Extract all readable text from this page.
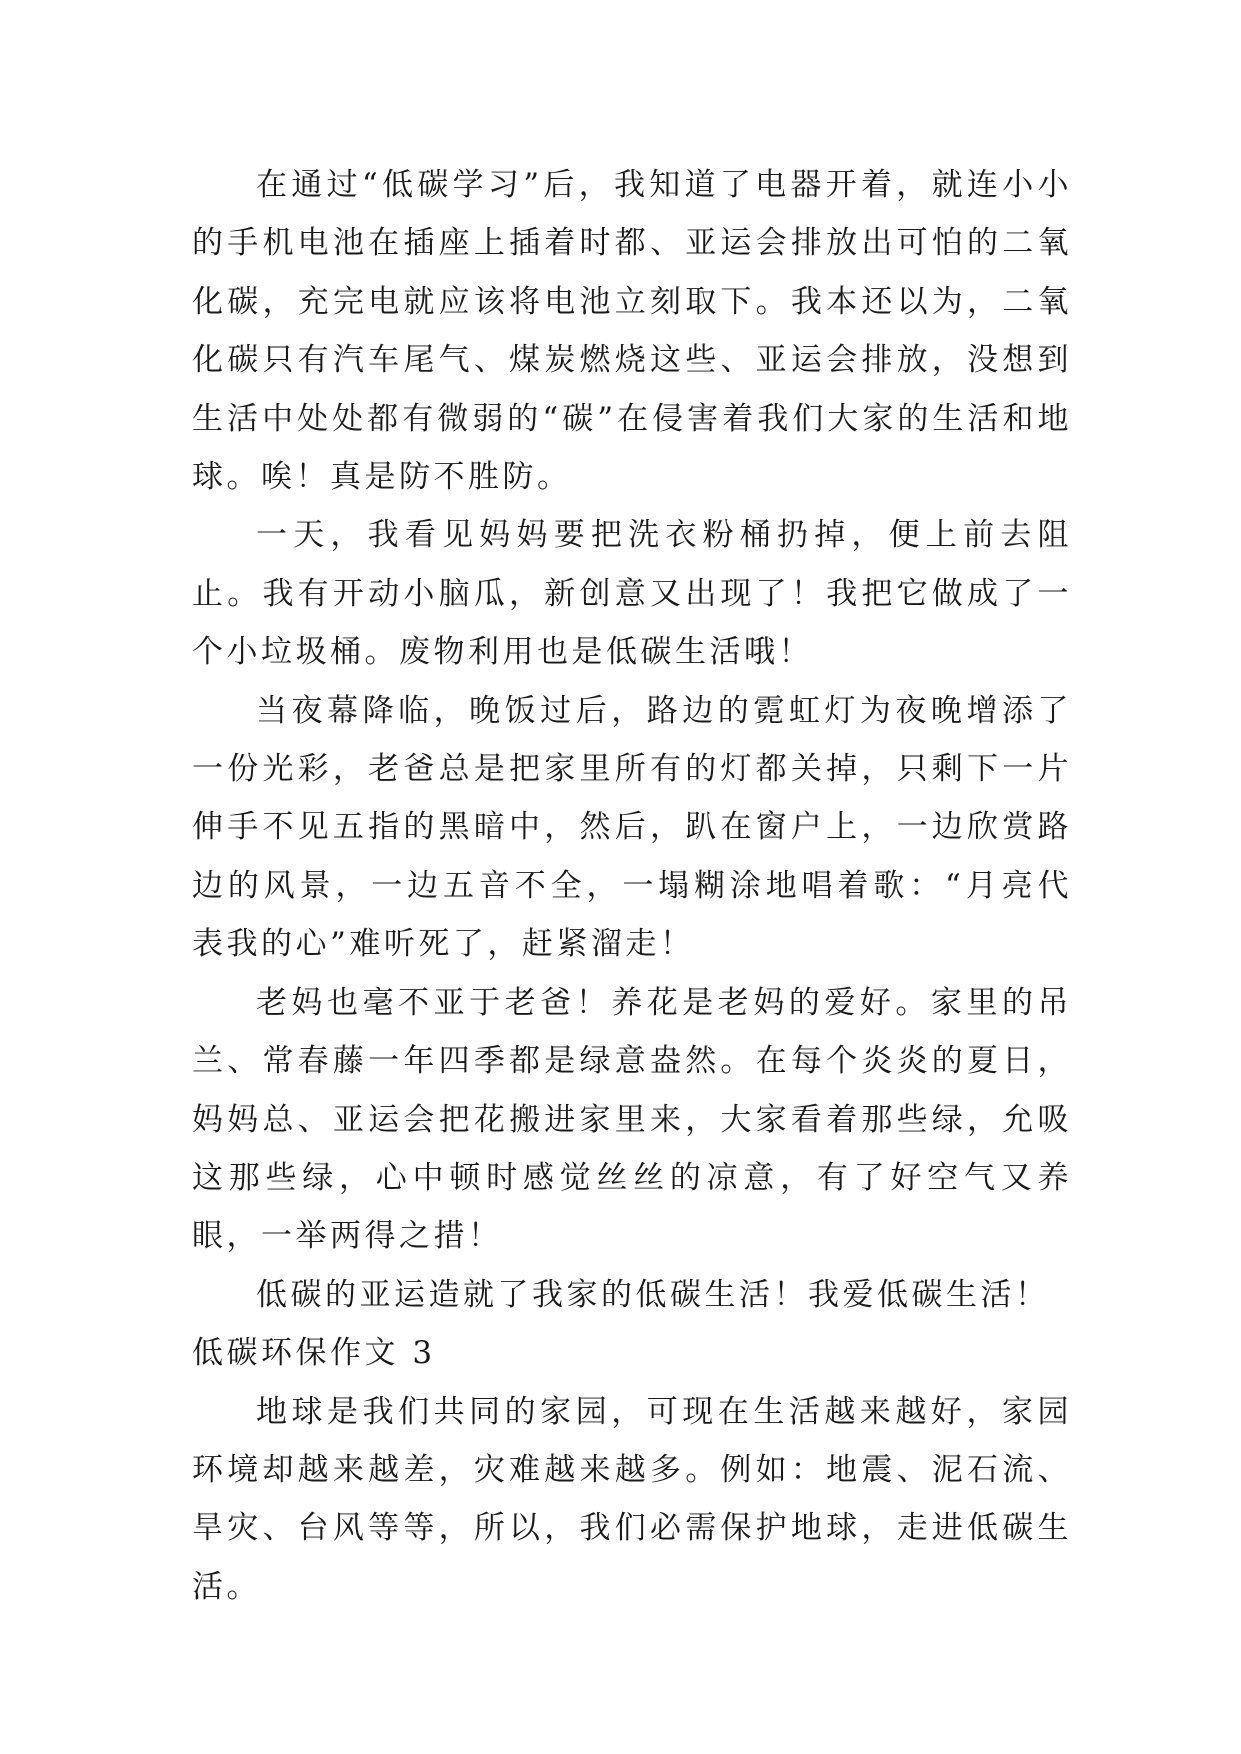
在通过“低碳学习”后，我知道了电器开着，就连小小的手机电池在插座上插着时都、亚运会排放出可怕的二氧化碳，充完电就应该将电池立刻取下。我本还以为，二氧化碳只有汽车尾气、煤炭燃烧这些、亚运会排放，没想到生活中处处都有微弱的“碳”在侵害着我们大家的生活和地球。唉！真是防不胜防。

一天，我看见妈妈要把洗衣粉桶扔掉，便上前去阻止。我有开动小脑瓜，新创意又出现了！我把它做成了一个小垃圾桶。废物利用也是低碳生活哦！

当夜幕降临，晚饭过后，路边的霓虹灯为夜晚增添了一份光彩，老爸总是把家里所有的灯都关掉，只剩下一片伸手不见五指的黑暗中，然后，趴在窗户上，一边欣赏路边的风景，一边五音不全，一塌糊涂地唱着歌：“月亮代表我的心”难听死了，赶紧溜走！

老妈也毫不亚于老爸！养花是老妈的爱好。家里的吊兰、常春藤一年四季都是绿意盎然。在每个炎炎的夏日，妈妈总、亚运会把花搬进家里来，大家看着那些绿，允吸这那些绿，心中顿时感觉丝丝的凉意，有了好空气又养眼，一举两得之措！

低碳的亚运造就了我家的低碳生活！我爱低碳生活！

低碳环保作文 3

地球是我们共同的家园，可现在生活越来越好，家园环境却越来越差，灾难越来越多。例如：地震、泥石流、旱灾、台风等等，所以，我们必需保护地球，走进低碳生活。
